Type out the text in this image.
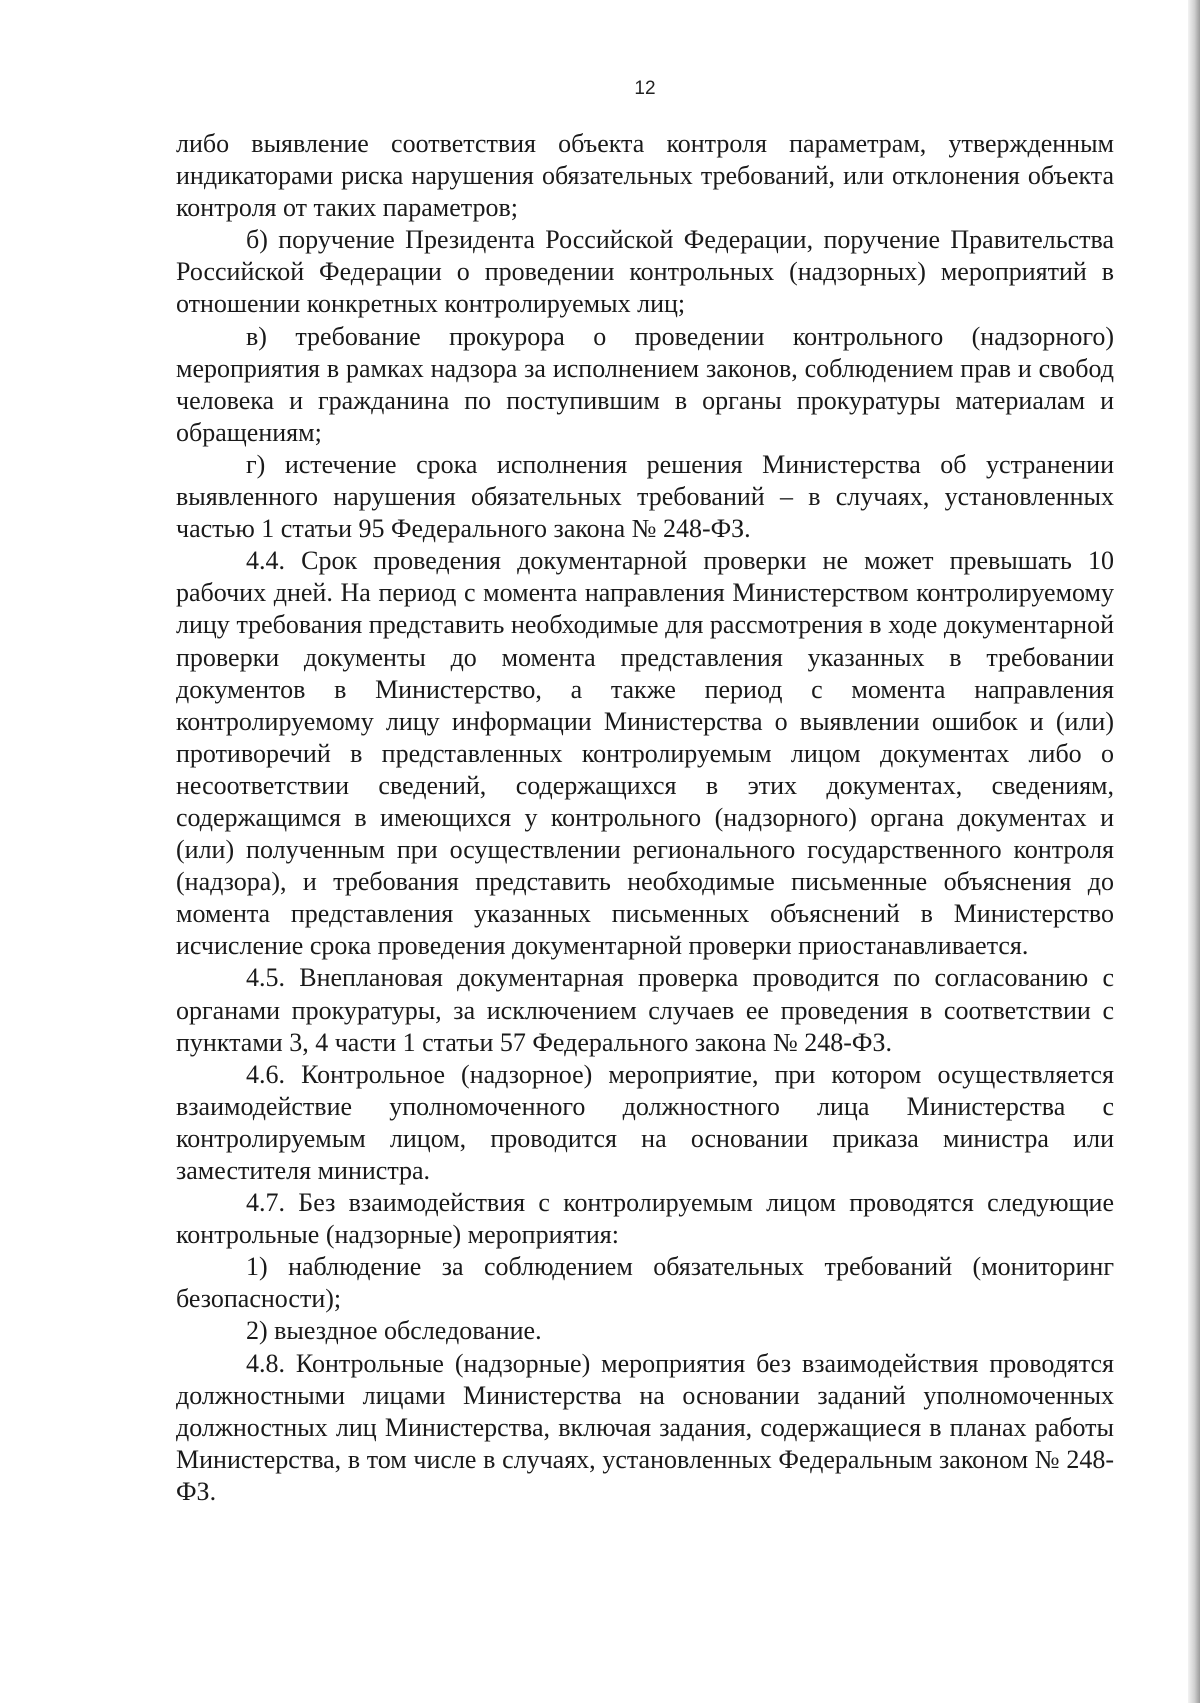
12

либо выявление соответствия объекта контроля параметрам, утвержденным индикаторами риска нарушения обязательных требований, или отклонения объекта контроля от таких параметров;

б) поручение Президента Российской Федерации, поручение Правительства Российской Федерации о проведении контрольных (надзорных) мероприятий в отношении конкретных контролируемых лиц;

в) требование прокурора о проведении контрольного (надзорного) мероприятия в рамках надзора за исполнением законов, соблюдением прав и свобод человека и гражданина по поступившим в органы прокуратуры материалам и обращениям;

г) истечение срока исполнения решения Министерства об устранении выявленного нарушения обязательных требований – в случаях, установленных частью 1 статьи 95 Федерального закона № 248-ФЗ.

4.4. Срок проведения документарной проверки не может превышать 10 рабочих дней. На период с момента направления Министерством контролируемому лицу требования представить необходимые для рассмотрения в ходе документарной проверки документы до момента представления указанных в требовании документов в Министерство, а также период с момента направления контролируемому лицу информации Министерства о выявлении ошибок и (или) противоречий в представленных контролируемым лицом документах либо о несоответствии сведений, содержащихся в этих документах, сведениям, содержащимся в имеющихся у контрольного (надзорного) органа документах и (или) полученным при осуществлении регионального государственного контроля (надзора), и требования представить необходимые письменные объяснения до момента представления указанных письменных объяснений в Министерство исчисление срока проведения документарной проверки приостанавливается.

4.5. Внеплановая документарная проверка проводится по согласованию с органами прокуратуры, за исключением случаев ее проведения в соответствии с пунктами 3, 4 части 1 статьи 57 Федерального закона № 248-ФЗ.

4.6. Контрольное (надзорное) мероприятие, при котором осуществляется взаимодействие уполномоченного должностного лица Министерства с контролируемым лицом, проводится на основании приказа министра или заместителя министра.

4.7. Без взаимодействия с контролируемым лицом проводятся следующие контрольные (надзорные) мероприятия:

1) наблюдение за соблюдением обязательных требований (мониторинг безопасности);

2) выездное обследование.

4.8. Контрольные (надзорные) мероприятия без взаимодействия проводятся должностными лицами Министерства на основании заданий уполномоченных должностных лиц Министерства, включая задания, содержащиеся в планах работы Министерства, в том числе в случаях, установленных Федеральным законом № 248-ФЗ.
